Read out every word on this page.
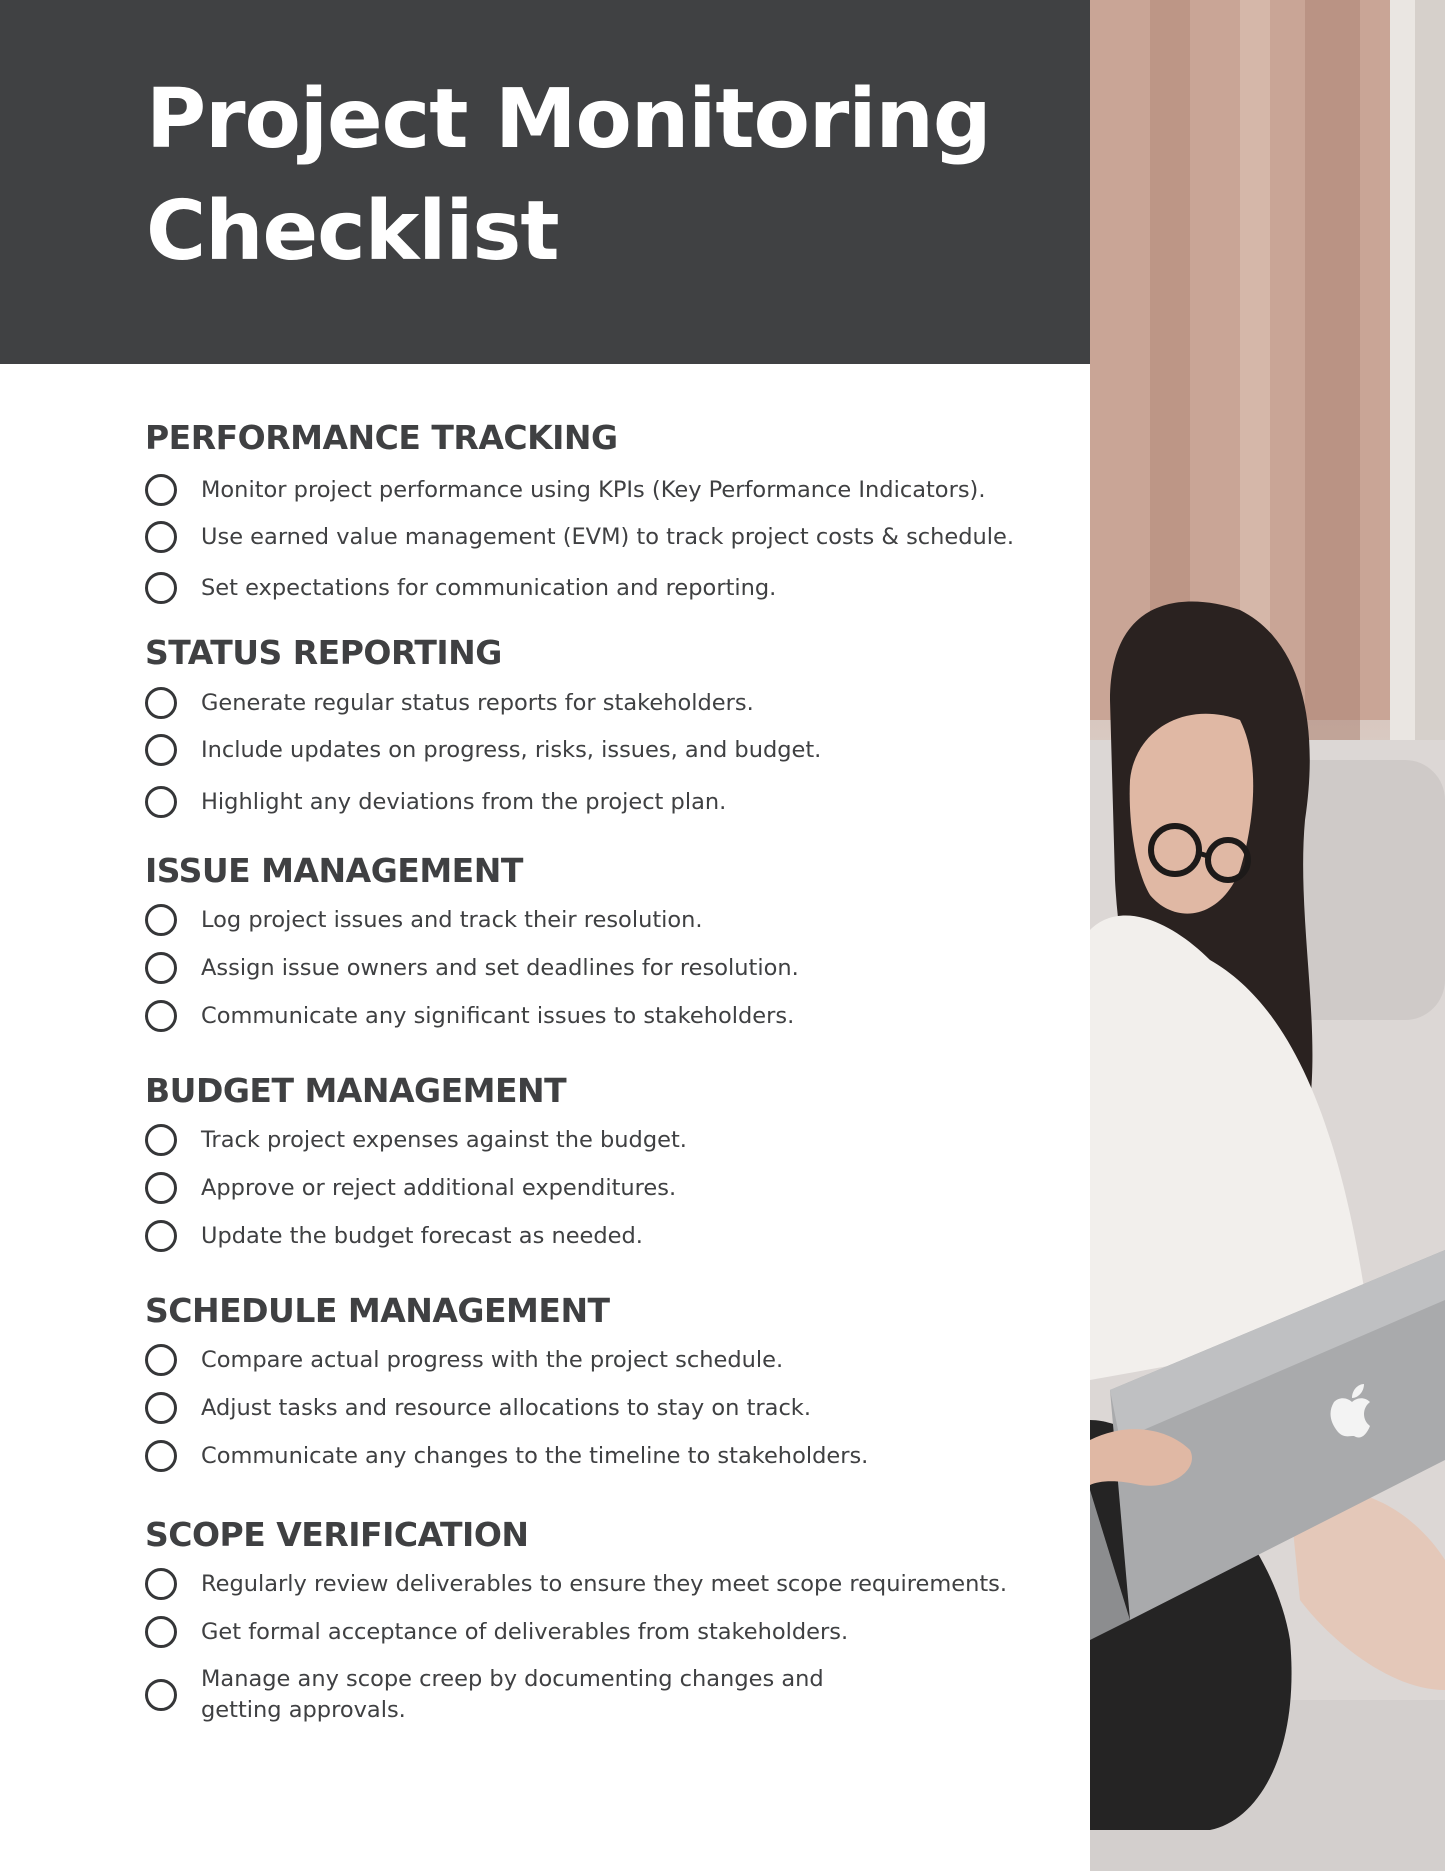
Project Monitoring
Checklist
PERFORMANCE TRACKING
Monitor project performance using KPIs (Key Performance Indicators).
Use earned value management (EVM) to track project costs & schedule.
Set expectations for communication and reporting.
STATUS REPORTING
Generate regular status reports for stakeholders.
Include updates on progress, risks, issues, and budget.
Highlight any deviations from the project plan.
ISSUE MANAGEMENT
Log project issues and track their resolution.
Assign issue owners and set deadlines for resolution.
Communicate any significant issues to stakeholders.
BUDGET MANAGEMENT
Track project expenses against the budget.
Approve or reject additional expenditures.
Update the budget forecast as needed.
SCHEDULE MANAGEMENT
Compare actual progress with the project schedule.
Adjust tasks and resource allocations to stay on track.
Communicate any changes to the timeline to stakeholders.
SCOPE VERIFICATION
Regularly review deliverables to ensure they meet scope requirements.
Get formal acceptance of deliverables from stakeholders.
Manage any scope creep by documenting changes and getting approvals.
